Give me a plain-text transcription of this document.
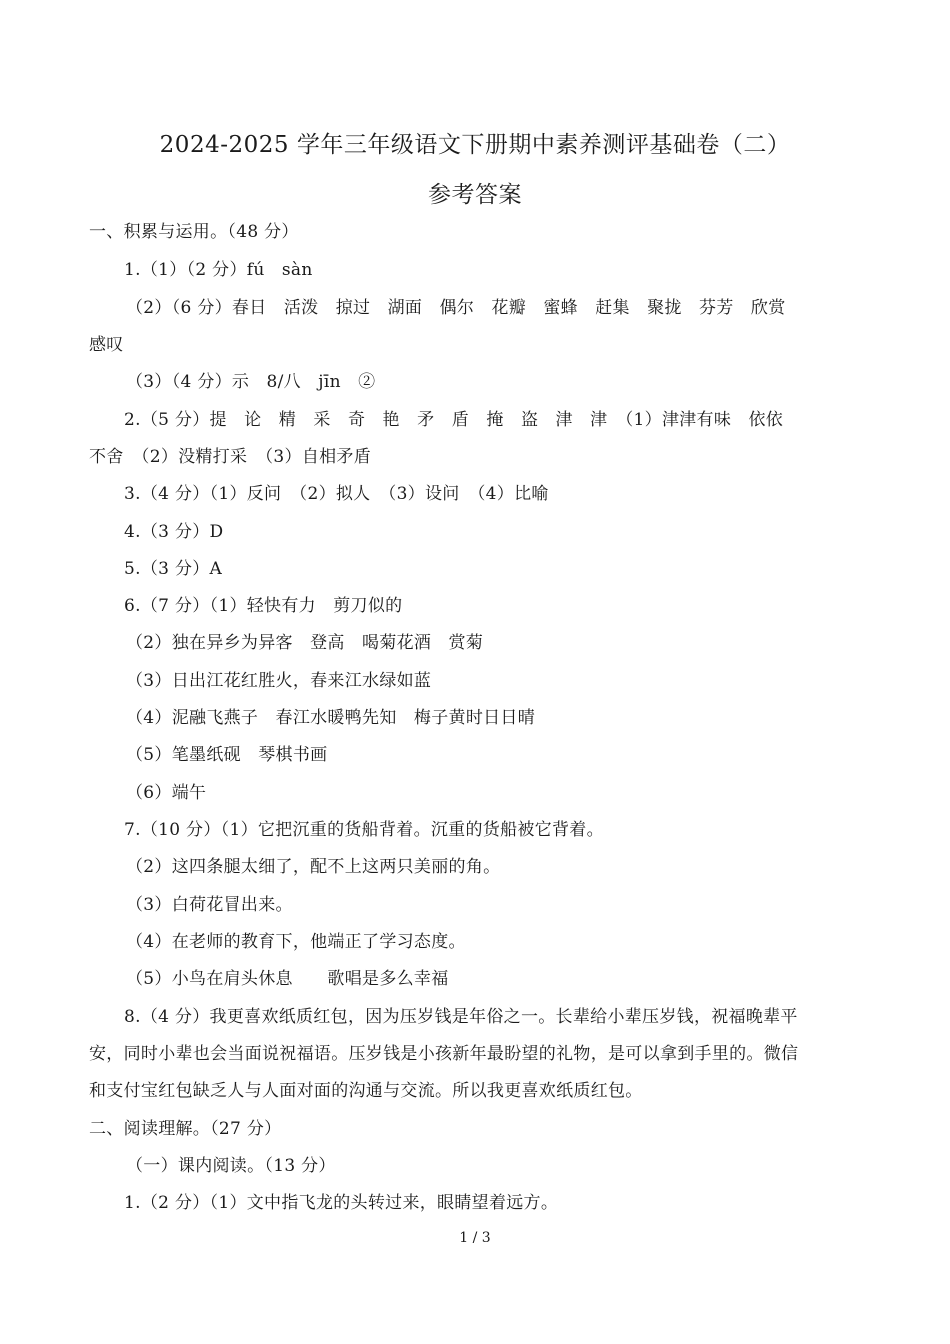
2024-2025 学年三年级语文下册期中素养测评基础卷（二）
参考答案
一、积累与运用。（48 分）
1.（1）（2 分）fú　sàn
（2）（6 分）春日　活泼　掠过　湖面　偶尔　花瓣　蜜蜂　赶集　聚拢　芬芳　欣赏
感叹
（3）（4 分）示　8/八　jīn　②
2.（5 分）提　论　精　采　奇　艳　矛　盾　掩　盗　津　津　（1）津津有味　依依
不舍　（2）没精打采　（3）自相矛盾
3.（4 分）（1）反问　（2）拟人　（3）设问　（4）比喻
4.（3 分）D
5.（3 分）A
6.（7 分）（1）轻快有力　剪刀似的
（2）独在异乡为异客　登高　喝菊花酒　赏菊
（3）日出江花红胜火，春来江水绿如蓝
（4）泥融飞燕子　春江水暖鸭先知　梅子黄时日日晴
（5）笔墨纸砚　琴棋书画
（6）端午
7.（10 分）（1）它把沉重的货船背着。沉重的货船被它背着。
（2）这四条腿太细了，配不上这两只美丽的角。
（3）白荷花冒出来。
（4）在老师的教育下，他端正了学习态度。
（5）小鸟在肩头休息　　歌唱是多么幸福
8.（4 分）我更喜欢纸质红包，因为压岁钱是年俗之一。长辈给小辈压岁钱，祝福晚辈平
安，同时小辈也会当面说祝福语。压岁钱是小孩新年最盼望的礼物，是可以拿到手里的。微信
和支付宝红包缺乏人与人面对面的沟通与交流。所以我更喜欢纸质红包。
二、阅读理解。（27 分）
（一）课内阅读。（13 分）
1.（2 分）（1）文中指飞龙的头转过来，眼睛望着远方。
1 / 3
